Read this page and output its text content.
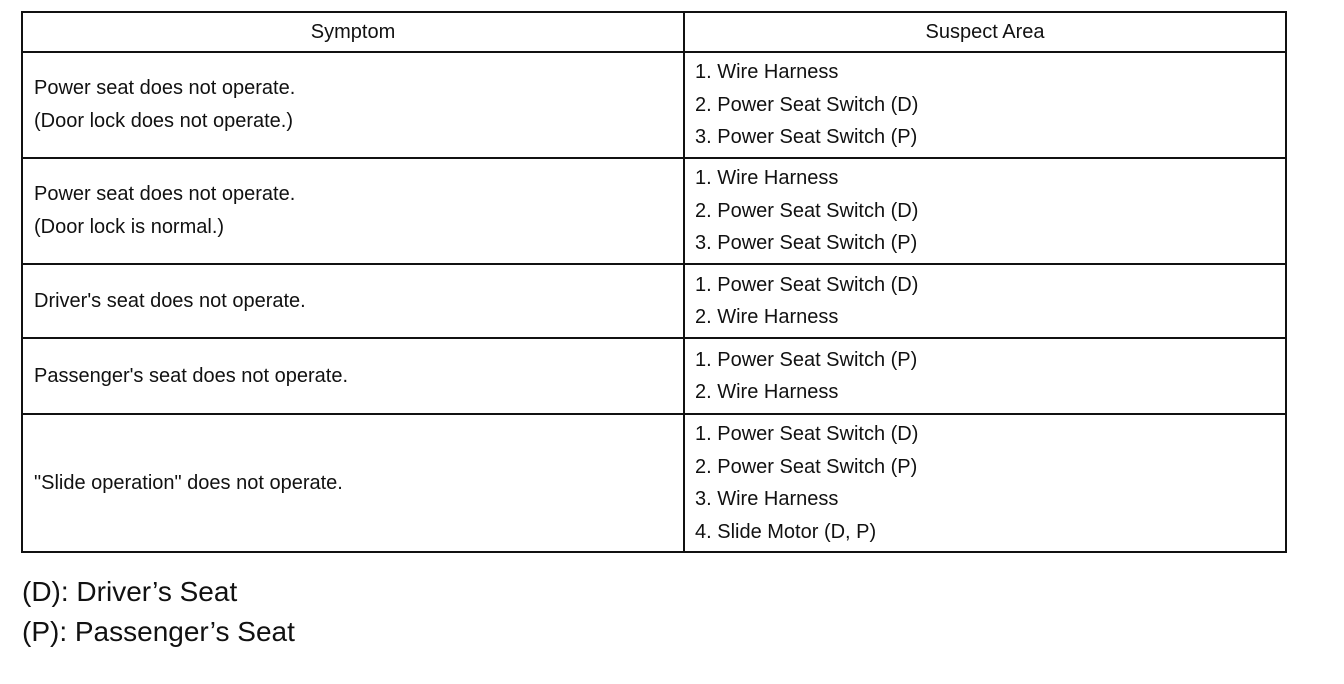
Symptom	Suspect Area

Power seat does not operate.
(Door lock does not operate.)	1. Wire Harness
2. Power Seat Switch (D)
3. Power Seat Switch (P)

Power seat does not operate.
(Door lock is normal.)	1. Wire Harness
2. Power Seat Switch (D)
3. Power Seat Switch (P)

Driver's seat does not operate.	1. Power Seat Switch (D)
2. Wire Harness

Passenger's seat does not operate.	1. Power Seat Switch (P)
2. Wire Harness

"Slide operation" does not operate.	1. Power Seat Switch (D)
2. Power Seat Switch (P)
3. Wire Harness
4. Slide Motor (D, P)
(D): Driver’s Seat
(P): Passenger’s Seat
